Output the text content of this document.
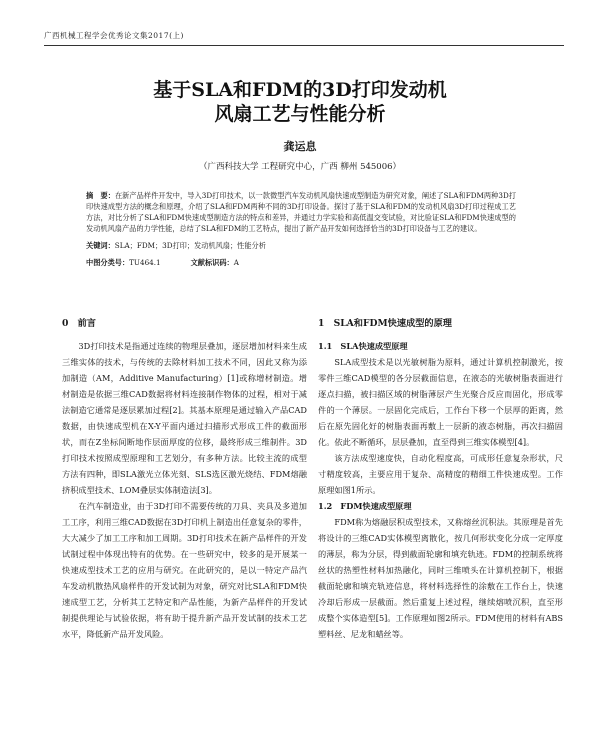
广西机械工程学会优秀论文集2017(上)
基于SLA和FDM的3D打印发动机
风扇工艺与性能分析
龚运息
（广西科技大学 工程研究中心，广西 柳州 545006）
摘　要：在新产品样件开发中，导入3D打印技术，以一款微型汽车发动机风扇快速成型制造为研究对象，阐述了SLA和FDM两种3D打印快速成型方法的概念和原理，介绍了SLA和FDM两种不同的3D打印设备。探讨了基于SLA和FDM的发动机风扇3D打印过程成工艺方法，对比分析了SLA和FDM快速成型制造方法的特点和差异，并通过力学实验和高低温交变试验，对比验证SLA和FDM快速成型的发动机风扇产品的力学性能，总结了SLA和FDM的工艺特点，提出了新产品开发如何选择恰当的3D打印设备与工艺的建议。
关键词：SLA；FDM；3D打印；发动机风扇；性能分析
中图分类号：TU464.1	文献标识码：A

0　前言

3D打印技术是指通过连续的物理层叠加，逐层增加材料来生成三维实体的技术，与传统的去除材料加工技术不同，因此又称为添加制造（AM，Additive Manufacturing）[1]或称增材制造。增材制造是依据三维CAD数据将材料连接制作物体的过程，相对于减法制造它通常是逐层累加过程[2]。其基本原理是通过输入产品CAD数据，由快速成型机在X-Y平面内通过扫描形式形成工件的截面形状，而在Z坐标间断地作层面厚度的位移，最终形成三维制件。3D打印技术按照成型原理和工艺划分，有多种方法。比较主流的成型方法有四种，即SLA激光立体光刻、SLS选区激光烧结、FDM熔融挤积成型技术、LOM叠层实体制造法[3]。

在汽车制造业，由于3D打印不需要传统的刀具、夹具及多道加工工序，利用三维CAD数据在3D打印机上制造出任意复杂的零件，大大减少了加工工序和加工周期。3D打印技术在新产品样件的开发试制过程中体现出特有的优势。在一些研究中，较多的是开展某一快速成型技术工艺的应用与研究。在此研究的，是以一特定产品汽车发动机散热风扇样件的开发试制为对象，研究对比SLA和FDM快速成型工艺，分析其工艺特定和产品性能，为新产品样件的开发试制提供理论与试验依据，将有助于提升新产品开发试制的技术工艺水平，降低新产品开发风险。

1　SLA和FDM快速成型的原理

1.1　SLA快速成型原理

SLA成型技术是以光敏树脂为原料，通过计算机控制激光，按零件三维CAD模型的各分层截面信息，在液态的光敏树脂表面进行逐点扫描，被扫描区域的树脂薄层产生光聚合反应而固化，形成零件的一个薄层。一层固化完成后，工作台下移一个层厚的距离，然后在原先固化好的树脂表面再敷上一层新的液态树脂，再次扫描固化。依此不断循环，层层叠加，直至得到三维实体模型[4]。

该方法成型速度快，自动化程度高，可成形任意复杂形状，尺寸精度较高，主要应用于复杂、高精度的精细工件快速成型。工作原理如图1所示。

1.2　FDM快速成型原理

FDM称为熔融层积成型技术，又称熔丝沉积法。其原理是首先将设计的三维CAD实体模型离散化，按几何形状变化分成一定厚度的薄层，称为分层，得到截面轮廓和填充轨迹。FDM的控制系统将丝状的热塑性材料加热融化，同时三维喷头在计算机控制下，根据截面轮廓和填充轨迹信息，将材料选择性的涂敷在工作台上，快速冷却后形成一层截面。然后重复上述过程，继续熔喷沉积，直至形成整个实体造型[5]。工作原理如图2所示。FDM使用的材料有ABS塑料丝、尼龙和蜡丝等。
